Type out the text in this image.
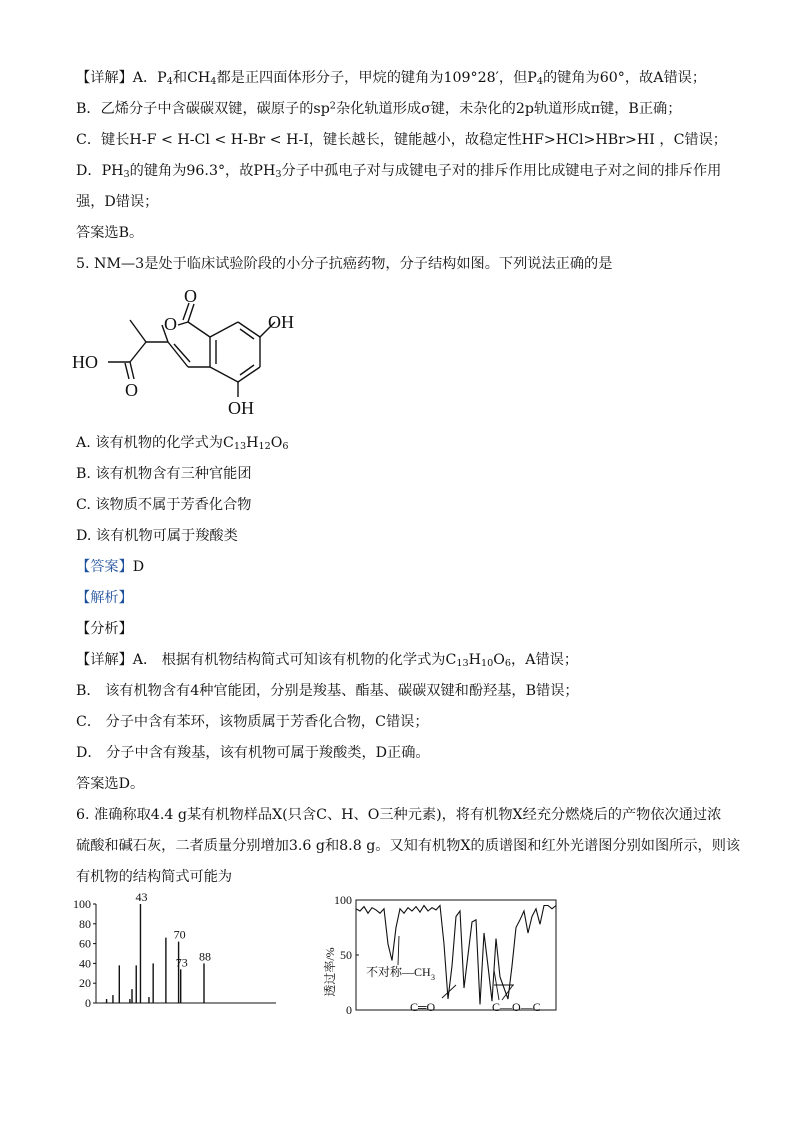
【详解】A．$P_4$和$CH_4$都是正四面体形分子，甲烷的键角为109°28′，但$P_4$的键角为60°，故A错误；
B．乙烯分子中含碳碳双键，碳原子的$sp^2$杂化轨道形成σ键，未杂化的2p轨道形成π键，B正确；
C．键长H-F < H-Cl < H-Br < H-I，键长越长，键能越小，故稳定性HF>HCl>HBr>HI ，C错误；
D．$PH_3$的键角为96.3°，故$PH_3$分子中孤电子对与成键电子对的排斥作用比成键电子对之间的排斥作用
强，D错误；
答案选B。
5. NM—3是处于临床试验阶段的小分子抗癌药物，分子结构如图。下列说法正确的是
O
O	OH
HO
O
OH
A. 该有机物的化学式为$C_{13}H_{12}O_6$
B. 该有机物含有三种官能团
C. 该物质不属于芳香化合物
D. 该有机物可属于羧酸类
【答案】D
【解析】
【分析】
【详解】A． 根据有机物结构简式可知该有机物的化学式为$C_{13}H_{10}O_6$，A错误；
B． 该有机物含有4种官能团，分别是羧基、酯基、碳碳双键和酚羟基，B错误；
C． 分子中含有苯环，该物质属于芳香化合物，C错误；
D． 分子中含有羧基，该有机物可属于羧酸类，D正确。
答案选D。
6. 准确称取4.4 g某有机物样品X(只含C、H、O三种元素)，将有机物X经充分燃烧后的产物依次通过浓
硫酸和碱石灰，二者质量分别增加3.6 g和8.8 g。又知有机物X的质谱图和红外光谱图分别如图所示，则该
有机物的结构简式可能为
0
20
40
60
80
100	43
70
73 88
0
50
100
透过率/% 不对称—CH 3
C═O	C—O—C
